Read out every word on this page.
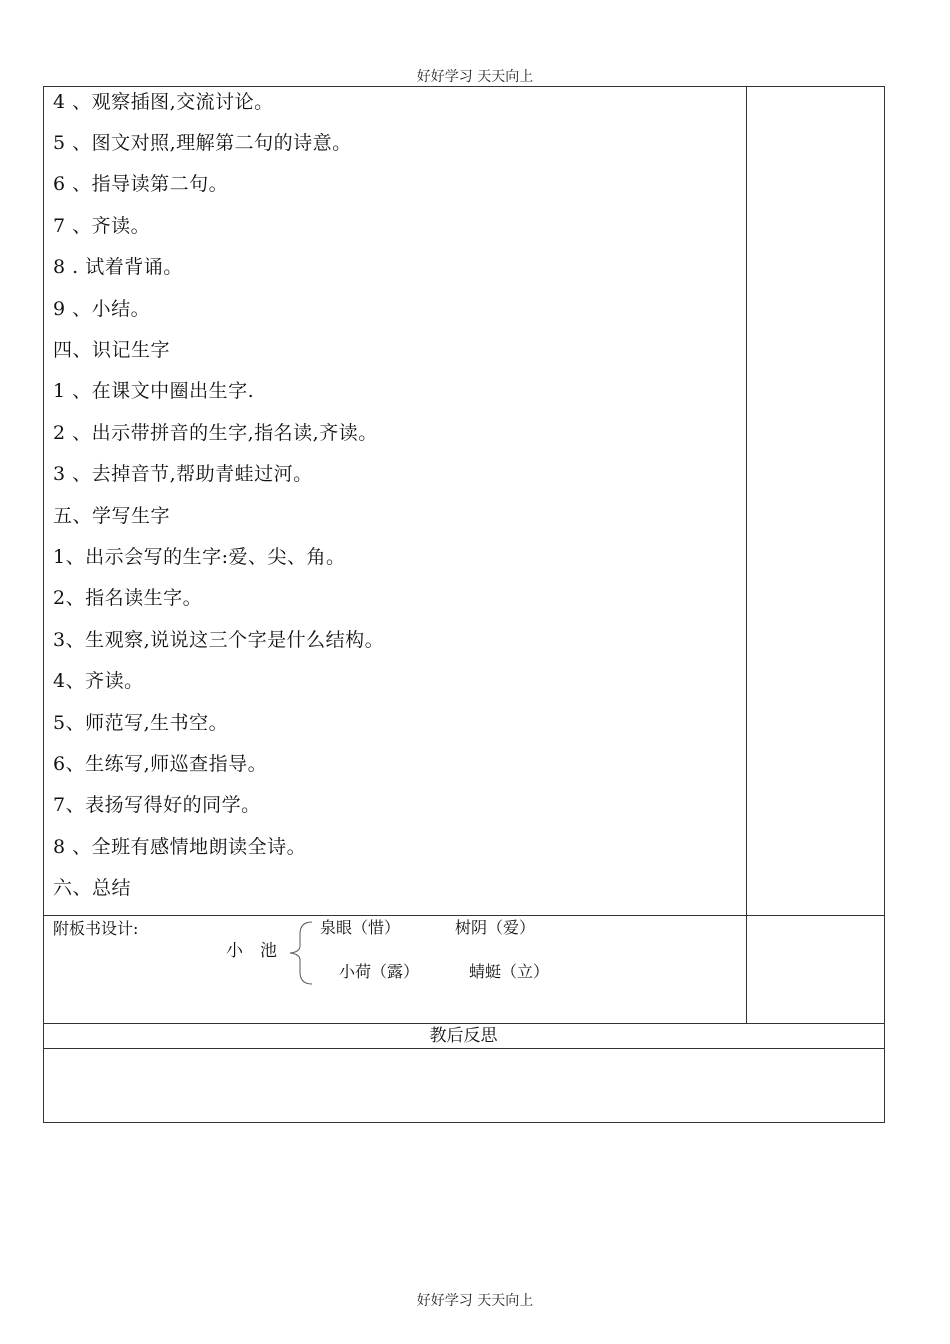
好好学习 天天向上
好好学习 天天向上
4 、观察插图,交流讨论。
5 、图文对照,理解第二句的诗意。
6 、指导读第二句。
7 、齐读。
8 . 试着背诵。
9 、小结。
四、识记生字
1 、在课文中圈出生字.
2 、出示带拼音的生字,指名读,齐读。
3 、去掉音节,帮助青蛙过河。
五、学写生字
1、出示会写的生字:爱、尖、角。
2、指名读生字。
3、生观察,说说这三个字是什么结构。
4、齐读。
5、师范写,生书空。
6、生练写,师巡查指导。
7、表扬写得好的同学。
8 、全班有感情地朗读全诗。
六、总结
附板书设计:
小　池
泉眼（惜）	树阴（爱）
小荷（露）	蜻蜓（立）
教后反思
